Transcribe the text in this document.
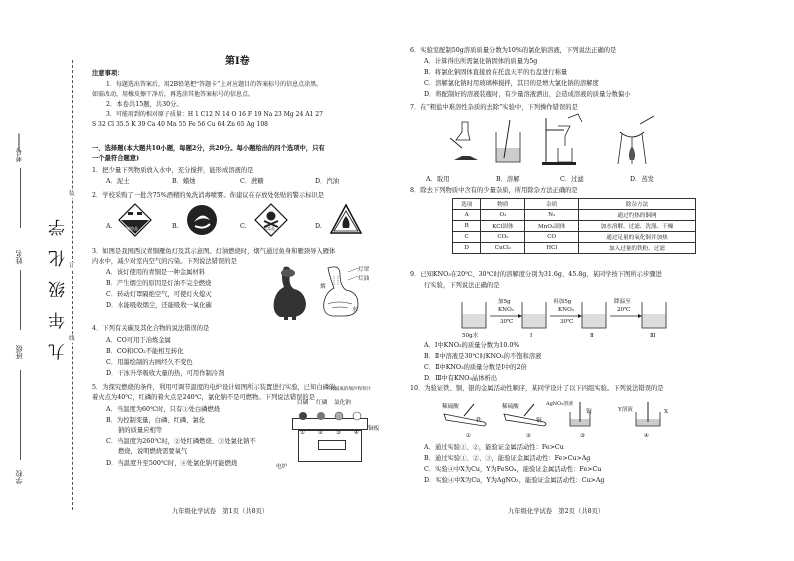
考号
姓名
班级
学校
九年级化学
装
订
线
第Ⅰ卷
注意事项：
1．每题选出答案后，用2B铅笔把“答题卡”上对应题目的答案标号的信息点涂黑。
如需改动，用橡皮擦干净后，再选涂其他答案标号的信息点。
2．本卷共15题，共30分。
3．可能用到的相对原子质量：H 1 C12 N 14 O 16 F 19 Na 23 Mg 24 A1 27
S 32 Cl 35.5 K 39 Ca 40 Mn 55 Fe 56 Cu 64 Zn 65 Ag 108
一、选择题(本大题共10小题，每题2分，共20分。每小题给出的四个选项中，只有
一个最符合题意)
1．把少量下列物质放入水中，充分搅拌，能形成溶液的是
A．泥土	B．蜡烛	C．蔗糖	D．汽油
2．学校采购了一批含75%酒精的免洗消毒喷雾。你建议在存放处张贴的警示标识是
A.	B.	C.	D.
腐蚀品	有毒品
3．如图是我国西汉青铜雁鱼灯及其示意图。灯油燃烧时，烟气通过鱼身和雁颈导入雁体
内水中，减少对室内空气的污染。下列说法错误的是
A．该灯使用的青铜是一种金属材料
B．产生烟尘的原因是灯油不完全燃烧
C．转动灯罩隔绝空气，可使灯火熄灭
D．水能吸收烟尘，还能吸收一氧化碳
灯罩
灯油
烟
水
4．下列有关碳及其化合物的说法错误的是
A．CO可用于冶炼金属
B．CO和CO₂不能相互转化
C．用墨绘制的古画经久不变色
D．干冰升华吸收大量的热，可用作制冷剂
5．为探究燃烧的条件，利用可调节温度的电炉设计如图所示装置进行实验，已知白磷的
着火点为40℃，红磷的着火点是240℃，氯化钠不是可燃物。下列说法错误的是
A．当温度为60℃时，只有①处白磷燃烧
B．为控制变量，白磷、红磷、氯化
钠的质量应相等
C．当温度为260℃时，②处红磷燃烧、③处氯化钠不
燃烧，说明燃烧需要氧气
D．当温度升至500℃时，④处氯化钠可能燃烧
白磷 红磷 氯化钠
电炉
铜板
被隔离的细沙和铁片
① ② ③ ④
九年级化学试卷　第1页（共8页）
6．实验室配制50g溶质质量分数为10%的氯化钠溶液，下列说法正确的是
A．计算得出所需氯化钠固体的质量为5g
B．将氯化钠固体直接放在托盘天平的右盘进行称量
C．溶解氯化钠时用玻璃棒搅拌，其目的是增大氯化钠的溶解度
D．将配制好的溶液装瓶时，有少量溶液洒出，会造成溶液的质量分数偏小
7．在“粗盐中难溶性杂质的去除”实验中，下列操作错误的是
A．取用	B．溶解	C．过滤	D．蒸发
8．除去下列物质中含有的少量杂质，所用除杂方法正确的是
选项	物质	杂质	除杂方法
A	O₂	N₂	通过灼热的铜网
B	KCl固体	MnO₂固体	加水溶解、过滤、洗涤、干燥
C	CO₂	CO	通过足量的氧化铜并加热
D	CuCl₂	HCl	加入过量的铁粉、过滤
9．已知KNO₃在20℃、30℃时的溶解度分别为31.6g、45.8g，某同学按下图所示步骤进
行实验，下列说法正确的是
加5g
KNO₃
30℃
再加5g
KNO₃
30℃
降温至
20℃
50g水	Ⅰ	Ⅱ	Ⅲ
A．Ⅰ中KNO₃的质量分数为10.0%
B．Ⅱ中溶液是30℃时KNO₃的不饱和溶液
C．Ⅱ中KNO₃的质量分数是Ⅰ中的2倍
D．Ⅲ中有KNO₃晶体析出
10．为验证铁、铜、银的金属活动性顺序，某同学设计了以下四组实验。下列说法错误的是
稀硫酸
铁
稀硫酸
铜
AgNO₃溶液
铜	Y溶液	X
①	②	③	④
A．通过实验①、②，能验证金属活动性：Fe>Cu
B．通过实验①、②、③，能验证金属活动性：Fe>Cu>Ag
C．实验④中X为Cu，Y为FeSO₄，能验证金属活动性：Fe>Cu
D．实验④中X为Cu，Y为AgNO₃，能验证金属活动性：Cu>Ag
九年级化学试卷　第2页（共8页）
